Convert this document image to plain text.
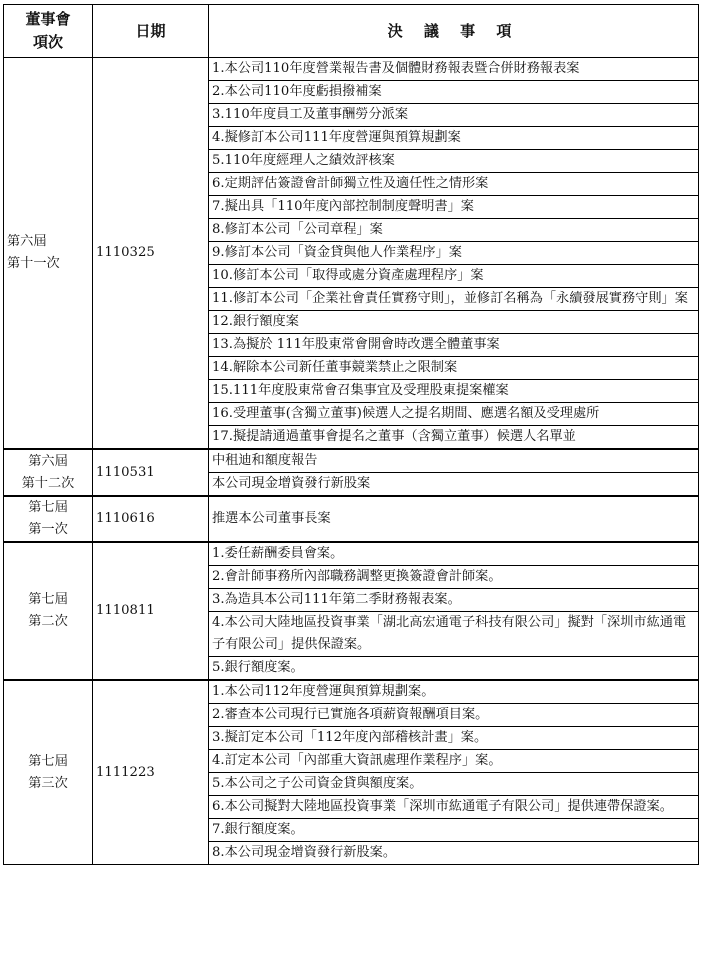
董事會
項次	日期	決 議 事 項

第六屆
第十一次	1110325	1.本公司110年度營業報告書及個體財務報表暨合併財務報表案
		2.本公司110年度虧損撥補案
		3.110年度員工及董事酬勞分派案
		4.擬修訂本公司111年度營運與預算規劃案
		5.110年度經理人之績效評核案
		6.定期評估簽證會計師獨立性及適任性之情形案
		7.擬出具「110年度內部控制制度聲明書」案
		8.修訂本公司「公司章程」案
		9.修訂本公司「資金貸與他人作業程序」案
		10.修訂本公司「取得或處分資產處理程序」案
		11.修訂本公司「企業社會責任實務守則」，並修訂名稱為「永續發展實務守則」案
		12.銀行額度案
		13.為擬於 111年股東常會開會時改選全體董事案
		14.解除本公司新任董事競業禁止之限制案
		15.111年度股東常會召集事宜及受理股東提案權案
		16.受理董事(含獨立董事)候選人之提名期間、應選名額及受理處所
		17.擬提請通過董事會提名之董事（含獨立董事）候選人名單並

第六屆
第十二次	1110531	中租迪和額度報告
		本公司現金增資發行新股案

第七屆
第一次	1110616	推選本公司董事長案

第七屆
第二次	1110811	1.委任薪酬委員會案。
		2.會計師事務所內部職務調整更換簽證會計師案。
		3.為造具本公司111年第二季財務報表案。
		4.本公司大陸地區投資事業「湖北高宏通電子科技有限公司」擬對「深圳市紘通電子有限公司」提供保證案。
		5.銀行額度案。

第七屆
第三次	1111223	1.本公司112年度營運與預算規劃案。
		2.審查本公司現行已實施各項薪資報酬項目案。
		3.擬訂定本公司「112年度內部稽核計畫」案。
		4.訂定本公司「內部重大資訊處理作業程序」案。
		5.本公司之子公司資金貸與額度案。
		6.本公司擬對大陸地區投資事業「深圳市紘通電子有限公司」提供連帶保證案。
		7.銀行額度案。
		8.本公司現金增資發行新股案。
